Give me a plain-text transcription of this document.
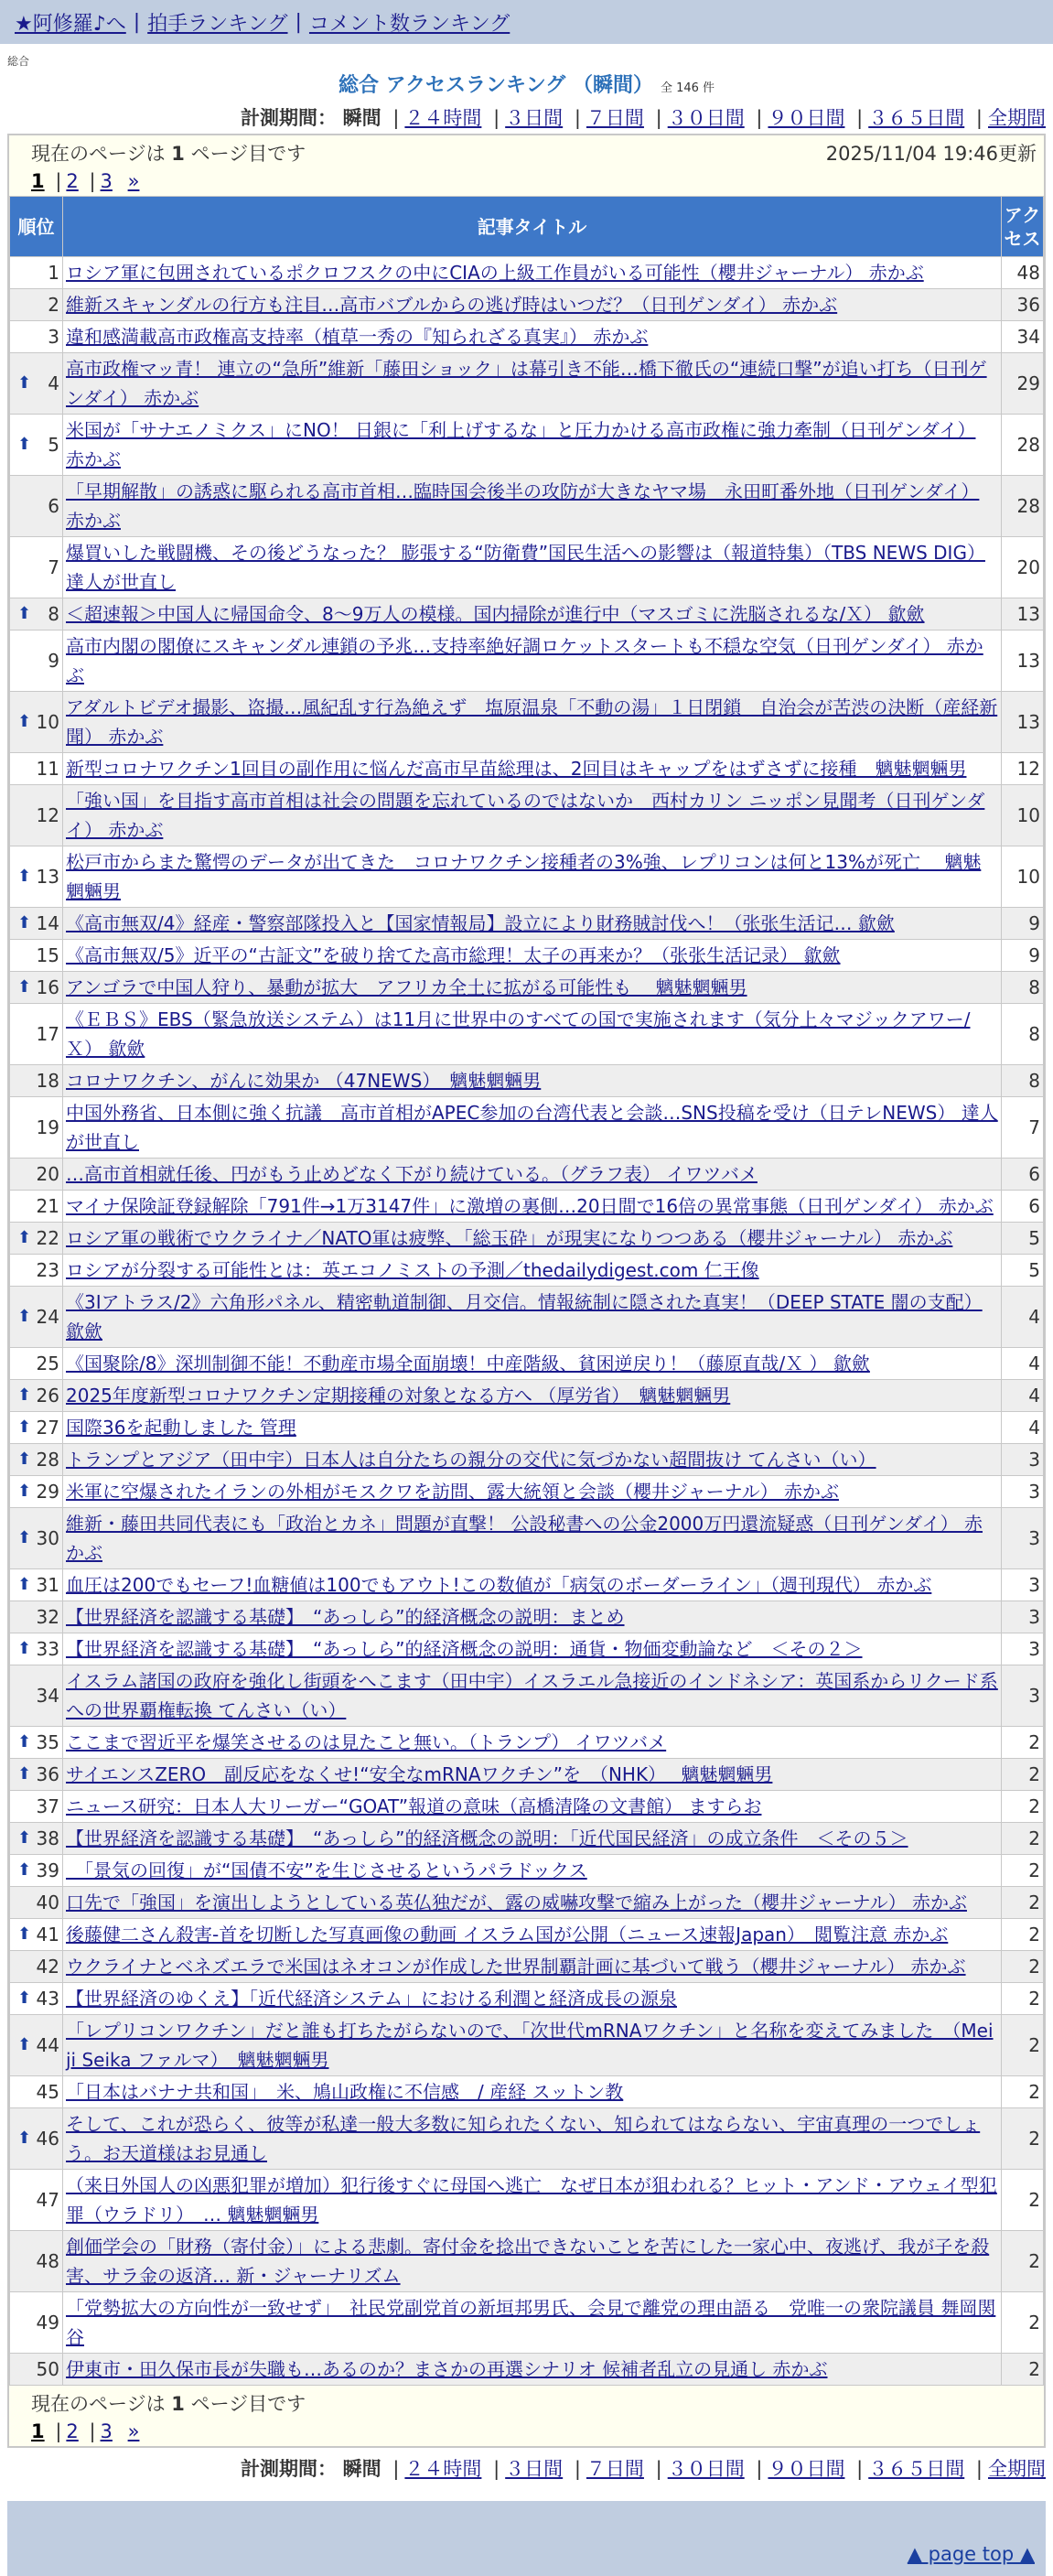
★阿修羅♪へ | 拍手ランキング | コメント数ランキング
総合
総合 アクセスランキング （瞬間） 全 146 件
計測期間： 瞬間 | ２４時間 | ３日間 | ７日間 | ３０日間 | ９０日間 | ３６５日間 | 全期間
現在のページは 1 ページ目です	2025/11/04 19:46更新
1 | 2 | 3 »
順位	記事タイトル	アクセス
1	ロシア軍に包囲されているポクロフスクの中にCIAの上級工作員がいる可能性（櫻井ジャーナル） 赤かぶ	48
2	維新スキャンダルの行方も注目…高市バブルからの逃げ時はいつだ？（日刊ゲンダイ） 赤かぶ	36
3	違和感満載高市政権高支持率（植草一秀の『知られざる真実』） 赤かぶ	34

⬆ 4	高市政権マッ青！ 連立の“急所”維新「藤田ショック」は幕引き不能…橋下徹氏の“連続口撃”が追い打ち（日刊ゲンダイ） 赤かぶ	29

⬆ 5	米国が「サナエノミクス」にNO！ 日銀に「利上げするな」と圧力かける高市政権に強力牽制（日刊ゲンダイ） 赤かぶ	28
6	「早期解散」の誘惑に駆られる高市首相…臨時国会後半の攻防が大きなヤマ場　永田町番外地（日刊ゲンダイ） 赤かぶ	28
7	爆買いした戦闘機、その後どうなった？ 膨張する“防衛費”国民生活への影響は（報道特集）（TBS NEWS DIG） 達人が世直し	20

⬆ 8	＜超速報＞中国人に帰国命令、8～9万人の模様。国内掃除が進行中（マスゴミに洗脳されるな/Ｘ） 歙歛	13
9	高市内閣の閣僚にスキャンダル連鎖の予兆…支持率絶好調ロケットスタートも不穏な空気（日刊ゲンダイ） 赤かぶ	13

⬆ 10	アダルトビデオ撮影、盗撮…風紀乱す行為絶えず　塩原温泉「不動の湯」１日閉鎖　自治会が苦渋の決断（産経新聞） 赤かぶ	13
11	新型コロナワクチン1回目の副作用に悩んだ高市早苗総理は、2回目はキャップをはずさずに接種　魑魅魍魎男	12
12	「強い国」を目指す高市首相は社会の問題を忘れているのではないか　西村カリン ニッポン見聞考（日刊ゲンダイ） 赤かぶ	10

⬆ 13	松戸市からまた驚愕のデータが出てきた　コロナワクチン接種者の3%強、レプリコンは何と13%が死亡　 魑魅魍魎男	10

⬆ 14	《高市無双/4》経産・警察部隊投入と【国家情報局】設立により財務賊討伐へ！（张张生活记… 歙歛	9
15	《高市無双/5》近平の“古証文”を破り捨てた高市総理！太子の再来か？（张张生活记录） 歙歛	9

⬆ 16	アンゴラで中国人狩り、暴動が拡大　アフリカ全土に拡がる可能性も　 魑魅魍魎男	8
17	《ＥＢＳ》EBS（緊急放送システム）は11月に世界中のすべての国で実施されます（気分上々マジックアワー/Ｘ） 歙歛	8
18	コロナワクチン、がんに効果か （47NEWS）　魑魅魍魎男	8
19	中国外務省、日本側に強く抗議　高市首相がAPEC参加の台湾代表と会談…SNS投稿を受け（日テレNEWS） 達人が世直し	7
20	…高市首相就任後、円がもう止めどなく下がり続けている。（グラフ表） イワツバメ	6
21	マイナ保険証登録解除「791件→1万3147件」に激増の裏側…20日間で16倍の異常事態（日刊ゲンダイ） 赤かぶ	6

⬆ 22	ロシア軍の戦術でウクライナ／NATO軍は疲弊、「総玉砕」が現実になりつつある（櫻井ジャーナル） 赤かぶ	5
23	ロシアが分裂する可能性とは：英エコノミストの予測／thedailydigest.com 仁王像	5

⬆ 24	《3Iアトラス/2》六角形パネル、精密軌道制御、月交信。情報統制に隠された真実！（DEEP STATE 闇の支配） 歙歛	4
25	《国聚除/8》深圳制御不能！不動産市場全面崩壊！中産階級、貧困逆戻り！（藤原直哉/Ｘ ） 歙歛	4

⬆ 26	2025年度新型コロナワクチン定期接種の対象となる方へ （厚労省）　魑魅魍魎男	4

⬆ 27	国際36を起動しました 管理	4

⬆ 28	トランプとアジア（田中宇）日本人は自分たちの親分の交代に気づかない超間抜け てんさい（い）	3

⬆ 29	米軍に空爆されたイランの外相がモスクワを訪問、露大統領と会談（櫻井ジャーナル） 赤かぶ	3

⬆ 30	維新・藤田共同代表にも「政治とカネ」問題が直撃！ 公設秘書への公金2000万円還流疑惑（日刊ゲンダイ） 赤かぶ	3

⬆ 31	血圧は200でもセーフ!血糖値は100でもアウト!この数値が「病気のボーダーライン」（週刊現代） 赤かぶ	3
32	【世界経済を認識する基礎】　“あっしら”的経済概念の説明：まとめ	3

⬆ 33	【世界経済を認識する基礎】　“あっしら”的経済概念の説明：通貨・物価変動論など　＜その２＞	3
34	イスラム諸国の政府を強化し街頭をへこます（田中宇）イスラエル急接近のインドネシア：英国系からリクード系への世界覇権転換 てんさい（い）	3

⬆ 35	ここまで習近平を爆笑させるのは見たこと無い。（トランプ） イワツバメ	2

⬆ 36	サイエンスZERO　副反応をなくせ!“安全なmRNAワクチン”を　（NHK）　 魑魅魍魎男	2
37	ニュース研究：日本人大リーガー“GOAT”報道の意味（高橋清隆の文書館） ますらお	2

⬆ 38	【世界経済を認識する基礎】　“あっしら”的経済概念の説明：「近代国民経済」の成立条件　＜その５＞	2

⬆ 39	　「景気の回復」が“国債不安”を生じさせるというパラドックス	2
40	口先で「強国」を演出しようとしている英仏独だが、露の威嚇攻撃で縮み上がった（櫻井ジャーナル） 赤かぶ	2

⬆ 41	後藤健二さん殺害-首を切断した写真画像の動画 イスラム国が公開（ニュース速報Japan）　閲覧注意 赤かぶ	2
42	ウクライナとベネズエラで米国はネオコンが作成した世界制覇計画に基づいて戦う（櫻井ジャーナル） 赤かぶ	2

⬆ 43	【世界経済のゆくえ】「近代経済システム」における利潤と経済成長の源泉	2

⬆ 44	「レプリコンワクチン」だと誰も打ちたがらないので、「次世代mRNAワクチン」と名称を変えてみました　（Meiji Seika ファルマ）　魑魅魍魎男	2
45	「日本はバナナ共和国」　米、鳩山政権に不信感　/ 産経 スットン教	2

⬆ 46	そして、これが恐らく、彼等が私達一般大多数に知られたくない、知られてはならない、宇宙真理の一つでしょう。お天道様はお見通し	2
47	（来日外国人の凶悪犯罪が増加）犯行後すぐに母国へ逃亡　なぜ日本が狙われる？ヒット・アンド・アウェイ型犯罪（ウラドリ）　… 魑魅魍魎男	2
48	創価学会の「財務（寄付金）」による悲劇。寄付金を捻出できないことを苦にした一家心中、夜逃げ、我が子を殺害、サラ金の返済… 新・ジャーナリズム	2
49	「党勢拡大の方向性が一致せず」　社民党副党首の新垣邦男氏、会見で離党の理由語る　党唯一の衆院議員 舞岡関谷	2
50	伊東市・田久保市長が失職も…あるのか？まさかの再選シナリオ 候補者乱立の見通し 赤かぶ	2
現在のページは 1 ページ目です
1 | 2 | 3 »
計測期間： 瞬間 | ２４時間 | ３日間 | ７日間 | ３０日間 | ９０日間 | ３６５日間 | 全期間
▲ page top ▲
